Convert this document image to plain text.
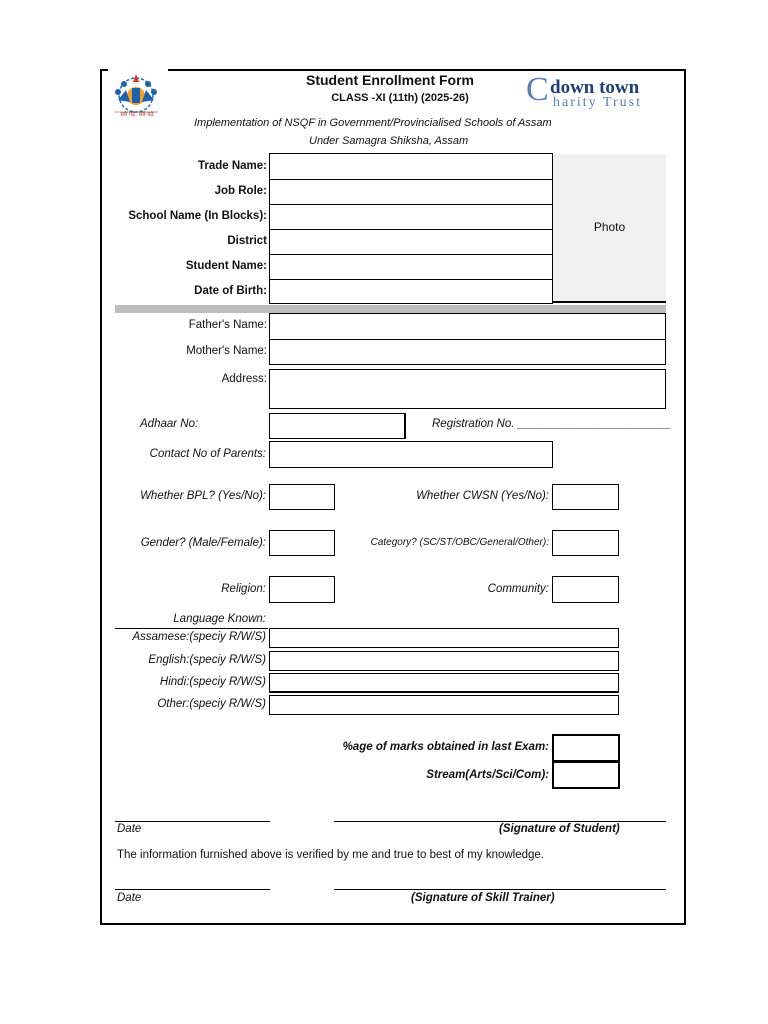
सबै पढ़े, सबै बढ़े
Student Enrollment Form
CLASS -XI (11th) (2025-26)	C down town
harity Trust
Implementation of NSQF in Government/Provincialised Schools of Assam
Under Samagra Shiksha, Assam
Trade Name:
Job Role:
School Name (In Blocks):
District
Student Name:
Date of Birth:
Photo
Father's Name:
Mother's Name:
Address:
Adhaar No:	Registration No. ________________________
Contact No of Parents:
Whether BPL? (Yes/No):	Whether CWSN (Yes/No):
Gender? (Male/Female):	Category? (SC/ST/OBC/General/Other):
Religion:	Community:
Language Known:
Assamese:(speciy R/W/S)
English:(speciy R/W/S)
Hindi:(speciy R/W/S)
Other:(speciy R/W/S)
%age of marks obtained in last Exam:
Stream(Arts/Sci/Com):
Date	(Signature of Student)
The information furnished above is verified by me and true to best of my knowledge.
Date	(Signature of Skill Trainer)
